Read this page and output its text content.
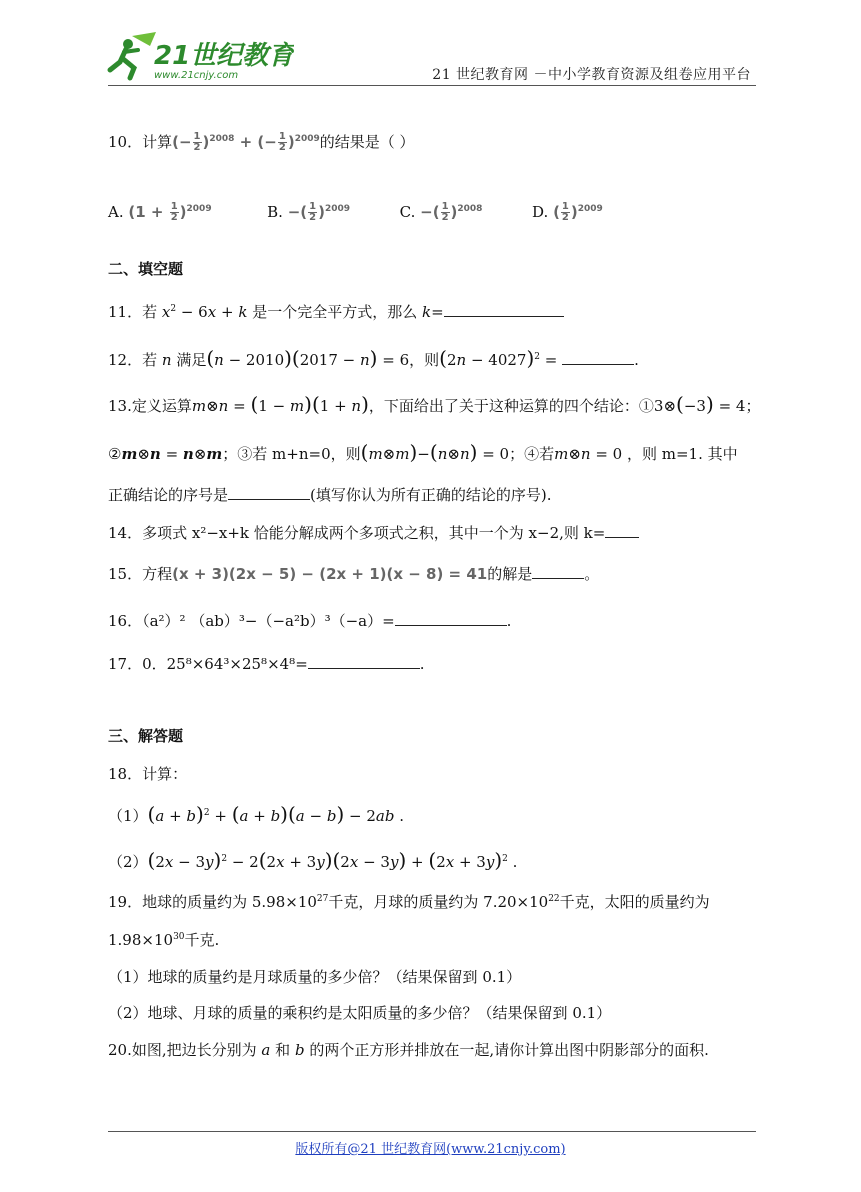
21世纪教育
www.21cnjy.com	21 世纪教育网 －中小学教育资源及组卷应用平台
10．计算(− $\frac{1}{2} )^{2008}$ + (− $\frac{1}{2} )^{2009}$的结果是（ ）
A. $(1 + \frac{1}{2} )^{2009}$	B. −( $\frac{1}{2} )^{2009}$	C. −( $\frac{1}{2} )^{2008}$	D. ( $\frac{1}{2} )^{2009}$
二、填空题
11．若 $x^2 - 6x + k$ 是一个完全平方式，那么 k=
12．若 n 满足(n − 2010)(2017 − n) = 6，则$(2n - 4027)^2$ =	.
13.定义运算m⊗n = (1 − m)(1 + n)，下面给出了关于这种运算的四个结论：①3⊗(−3) = 4；
②m⊗n = n⊗m；③若 m+n=0，则(m⊗m)−(n⊗n) = 0；④若m⊗n = 0 ，则 m=1. 其中
正确结论的序号是	(填写你认为所有正确的结论的序号).
14．多项式 x²−x+k 恰能分解成两个多项式之积，其中一个为 x−2,则 k=
15．方程(x + 3)(2x − 5) − (2x + 1)(x − 8) = 41的解是	。
16．（a²）² （ab）³−（−a²b）³（−a）=	.
17．0．25⁸×64³×25⁸×4⁸=	.
三、解答题
18．计算：
$(1)(a + b)^2 + (a + b)(a - b) - 2ab$ .
$(2)(2x - 3y)^2 - 2(2x + 3y)(2x - 3y) + (2x + 3y)^2$ .
19．地球的质量约为 $5.98\times 10^{27}$千克，月球的质量约为 $7.20\times 10^{22}$千克，太阳的质量约为
$1.98\times 10^{30}$千克.
（1）地球的质量约是月球质量的多少倍？（结果保留到 0.1）
（2）地球、月球的质量的乘积约是太阳质量的多少倍？（结果保留到 0.1）
20.如图,把边长分别为 a 和 b 的两个正方形并排放在一起,请你计算出图中阴影部分的面积.
版权所有@21 世纪教育网(www.21cnjy.com)
